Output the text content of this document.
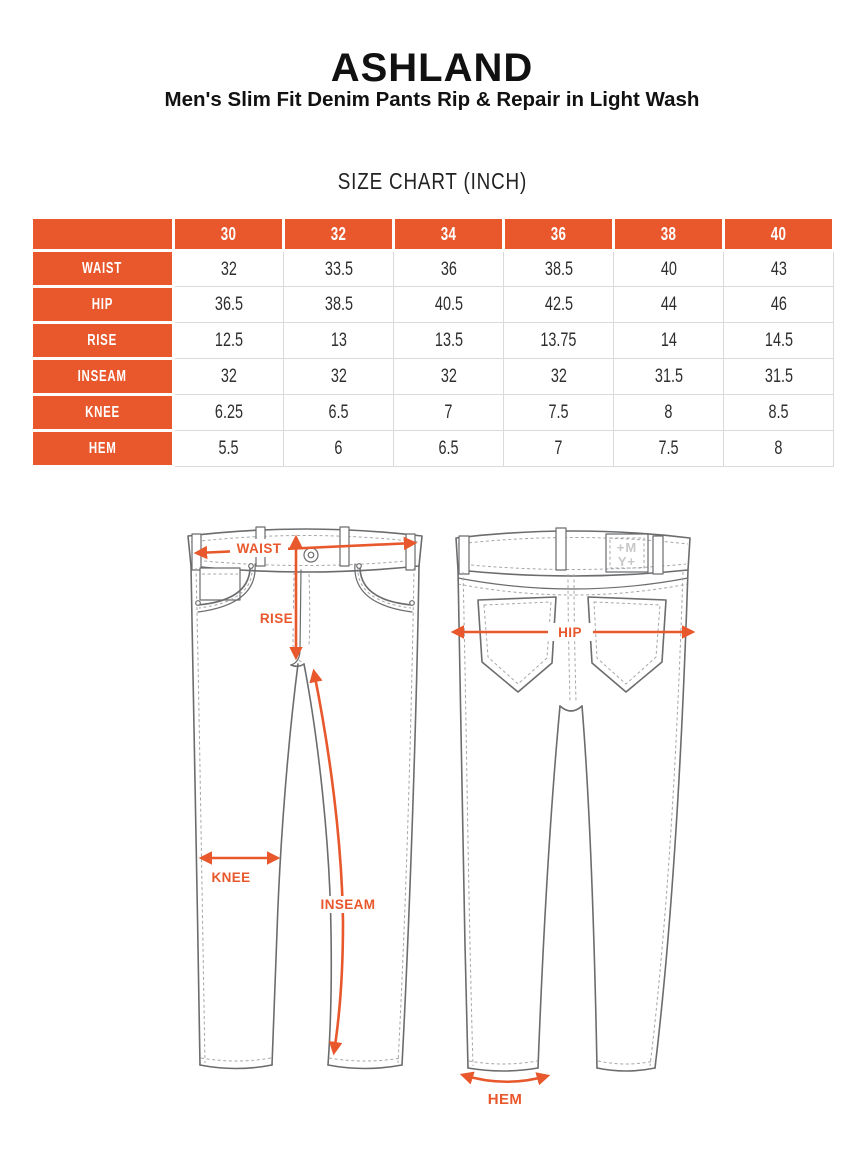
ASHLAND
Men's Slim Fit Denim Pants Rip & Repair in Light Wash
SIZE CHART (INCH)
	30	32	34	36	38	40
WAIST	32	33.5	36	38.5	40	43
HIP	36.5	38.5	40.5	42.5	44	46
RISE	12.5	13	13.5	13.75	14	14.5
INSEAM	32	32	32	32	31.5	31.5
KNEE	6.25	6.5	7	7.5	8	8.5
HEM	5.5	6	6.5	7	7.5	8
WAIST
RISE
INSEAM
KNEE
+M
Y+
HIP
HEM
